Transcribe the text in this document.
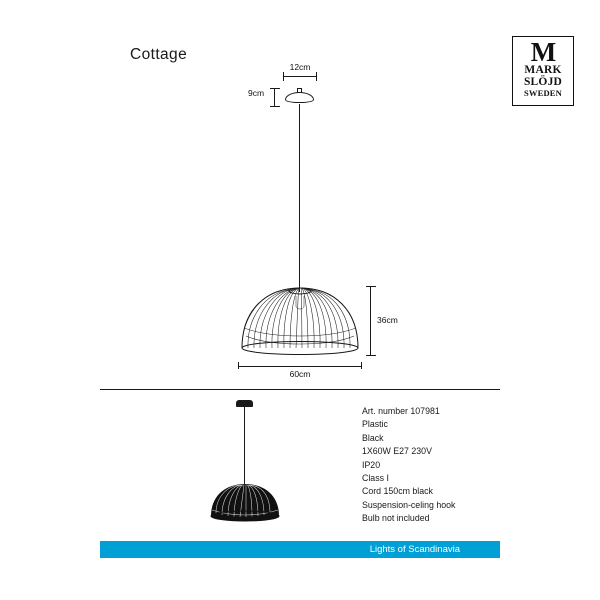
Cottage	M
MARK
SLÖJD
SWEDEN
12cm
9cm
36cm
60cm
Art. number 107981
Plastic
Black
1X60W E27 230V
IP20
Class I
Cord 150cm black
Suspension-celing hook
Bulb not included
Lights of Scandinavia
